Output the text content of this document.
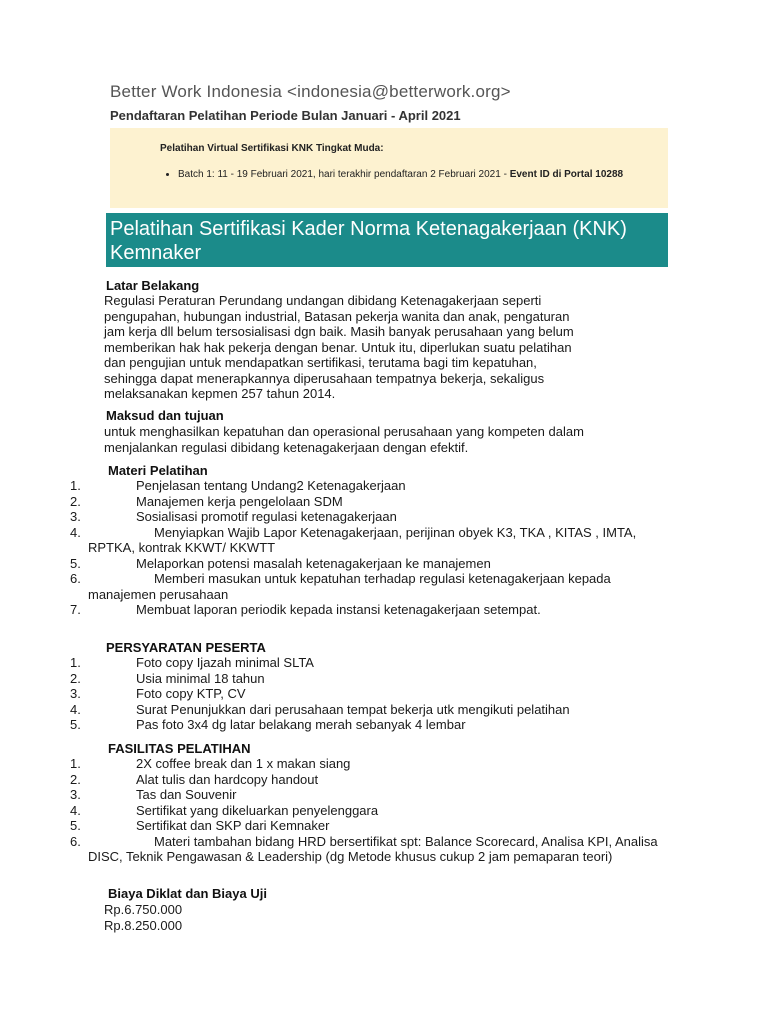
Better Work Indonesia <indonesia@betterwork.org>
Pendaftaran Pelatihan Periode Bulan Januari - April 2021
Pelatihan Virtual Sertifikasi KNK Tingkat Muda:
• Batch 1: 11 - 19 Februari 2021, hari terakhir pendaftaran 2 Februari 2021 - Event ID di Portal 10288
Pelatihan Sertifikasi Kader Norma Ketenagakerjaan (KNK) Kemnaker
Latar Belakang
Regulasi Peraturan Perundang undangan dibidang Ketenagakerjaan seperti
pengupahan, hubungan industrial, Batasan pekerja wanita dan anak, pengaturan
jam kerja dll belum tersosialisasi dgn baik. Masih banyak perusahaan yang belum
memberikan hak hak pekerja dengan benar. Untuk itu, diperlukan suatu pelatihan
dan pengujian untuk mendapatkan sertifikasi, terutama bagi tim kepatuhan,
sehingga dapat menerapkannya diperusahaan tempatnya bekerja, sekaligus
melaksanakan kepmen 257 tahun 2014.
Maksud dan tujuan
untuk menghasilkan kepatuhan dan operasional perusahaan yang kompeten dalam
menjalankan regulasi dibidang ketenagakerjaan dengan efektif.
Materi Pelatihan
1.	Penjelasan tentang Undang2 Ketenagakerjaan
2.	Manajemen kerja pengelolaan SDM
3.	Sosialisasi promotif regulasi ketenagakerjaan
4.	Menyiapkan Wajib Lapor Ketenagakerjaan, perijinan obyek K3, TKA , KITAS , IMTA, RPTKA, kontrak KKWT/ KKWTT
5.	Melaporkan potensi masalah ketenagakerjaan ke manajemen
6.	Memberi masukan untuk kepatuhan terhadap regulasi ketenagakerjaan kepada manajemen perusahaan
7.	Membuat laporan periodik kepada instansi ketenagakerjaan setempat.
PERSYARATAN PESERTA
1.	Foto copy Ijazah minimal SLTA
2.	Usia minimal 18 tahun
3.	Foto copy KTP, CV
4.	Surat Penunjukkan dari perusahaan tempat bekerja utk mengikuti pelatihan
5.	Pas foto 3x4 dg latar belakang merah sebanyak 4 lembar
FASILITAS PELATIHAN
1.	2X coffee break dan 1 x makan siang
2.	Alat tulis dan hardcopy handout
3.	Tas dan Souvenir
4.	Sertifikat yang dikeluarkan penyelenggara
5.	Sertifikat dan SKP dari Kemnaker
6.	Materi tambahan bidang HRD bersertifikat spt: Balance Scorecard, Analisa KPI, Analisa DISC, Teknik Pengawasan & Leadership (dg Metode khusus cukup 2 jam pemaparan teori)
Biaya Diklat dan Biaya Uji
Rp.6.750.000
Rp.8.250.000
